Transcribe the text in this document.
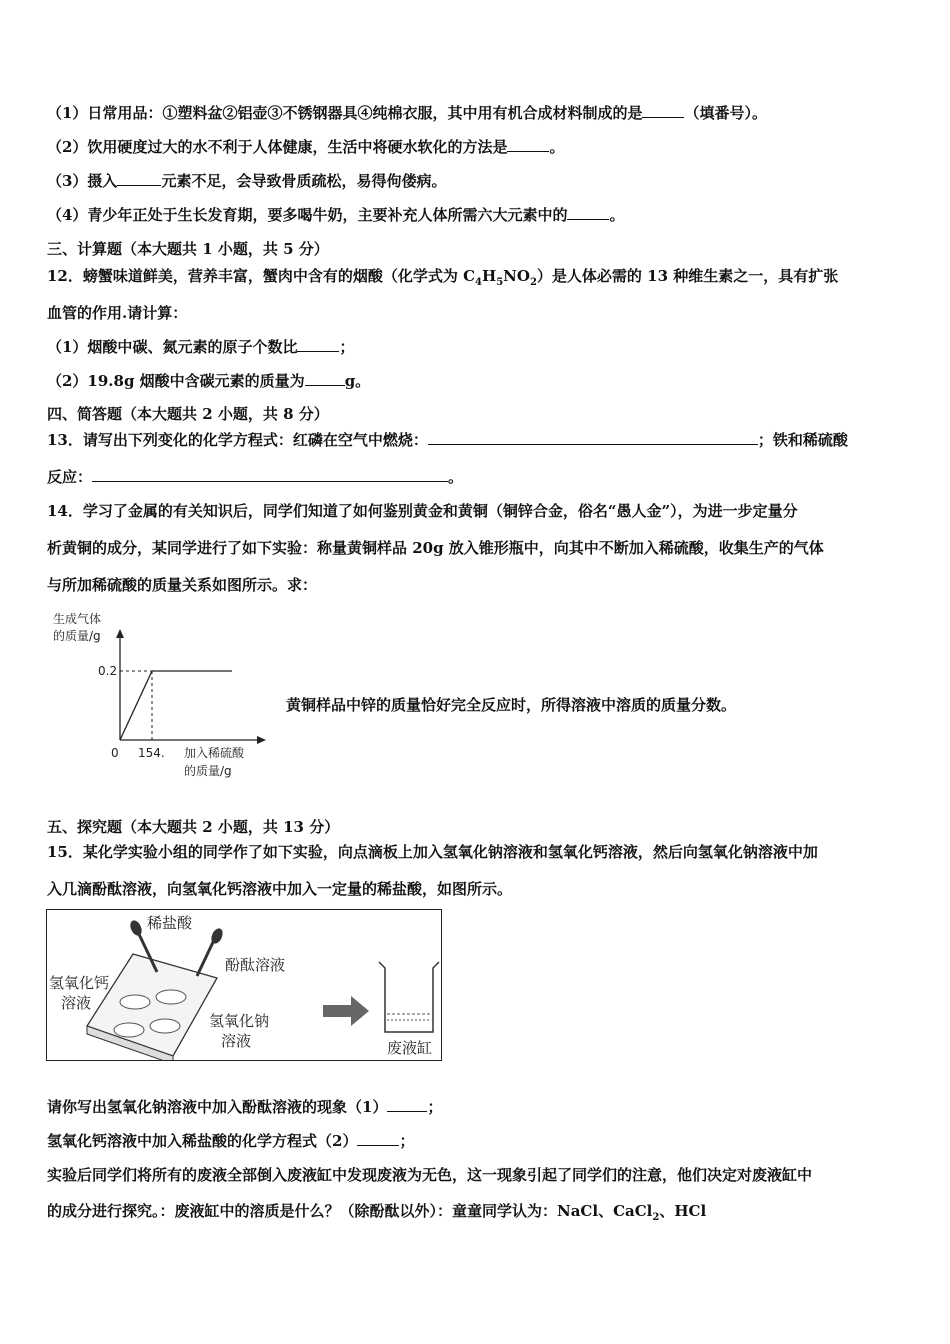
（1）日常用品：①塑料盆②铝壶③不锈钢器具④纯棉衣服，其中用有机合成材料制成的是	（填番号）。
（2）饮用硬度过大的水不利于人体健康，生活中将硬水软化的方法是	。
（3）摄入	元素不足，会导致骨质疏松，易得佝偻病。
（4）青少年正处于生长发育期，要多喝牛奶，主要补充人体所需六大元素中的	。
三、计算题（本大题共 1 小题，共 5 分）
12．螃蟹味道鲜美，营养丰富，蟹肉中含有的烟酸（化学式为 $C_4H_5NO_2$）是人体必需的 13 种维生素之一，具有扩张
血管的作用.请计算：
（1）烟酸中碳、氮元素的原子个数比	；
（2）19.8g 烟酸中含碳元素的质量为	g。
四、简答题（本大题共 2 小题，共 8 分）
13．请写出下列变化的化学方程式：红磷在空气中燃烧：	；铁和稀硫酸
反应：	。
14．学习了金属的有关知识后，同学们知道了如何鉴别黄金和黄铜（铜锌合金，俗名“愚人金”），为进一步定量分
析黄铜的成分，某同学进行了如下实验：称量黄铜样品 20g 放入锥形瓶中，向其中不断加入稀硫酸，收集生产的气体
与所加稀硫酸的质量关系如图所示。求：
生成气体
的质量/g
0.2
0 154. 加入稀硫酸
的质量/g
黄铜样品中锌的质量恰好完全反应时，所得溶液中溶质的质量分数。
五、探究题（本大题共 2 小题，共 13 分）
15．某化学实验小组的同学作了如下实验，向点滴板上加入氢氧化钠溶液和氢氧化钙溶液，然后向氢氧化钠溶液中加
入几滴酚酞溶液，向氢氧化钙溶液中加入一定量的稀盐酸，如图所示。
稀盐酸
酚酞溶液
氢氧化钙
溶液
氢氧化钠
溶液	废液缸
请你写出氢氧化钠溶液中加入酚酞溶液的现象（1）	；
氢氧化钙溶液中加入稀盐酸的化学方程式（2）	；
实验后同学们将所有的废液全部倒入废液缸中发现废液为无色，这一现象引起了同学们的注意，他们决定对废液缸中
的成分进行探究。：废液缸中的溶质是什么？（除酚酞以外）：童童同学认为：NaCl、CaCl$_2$、HCl
